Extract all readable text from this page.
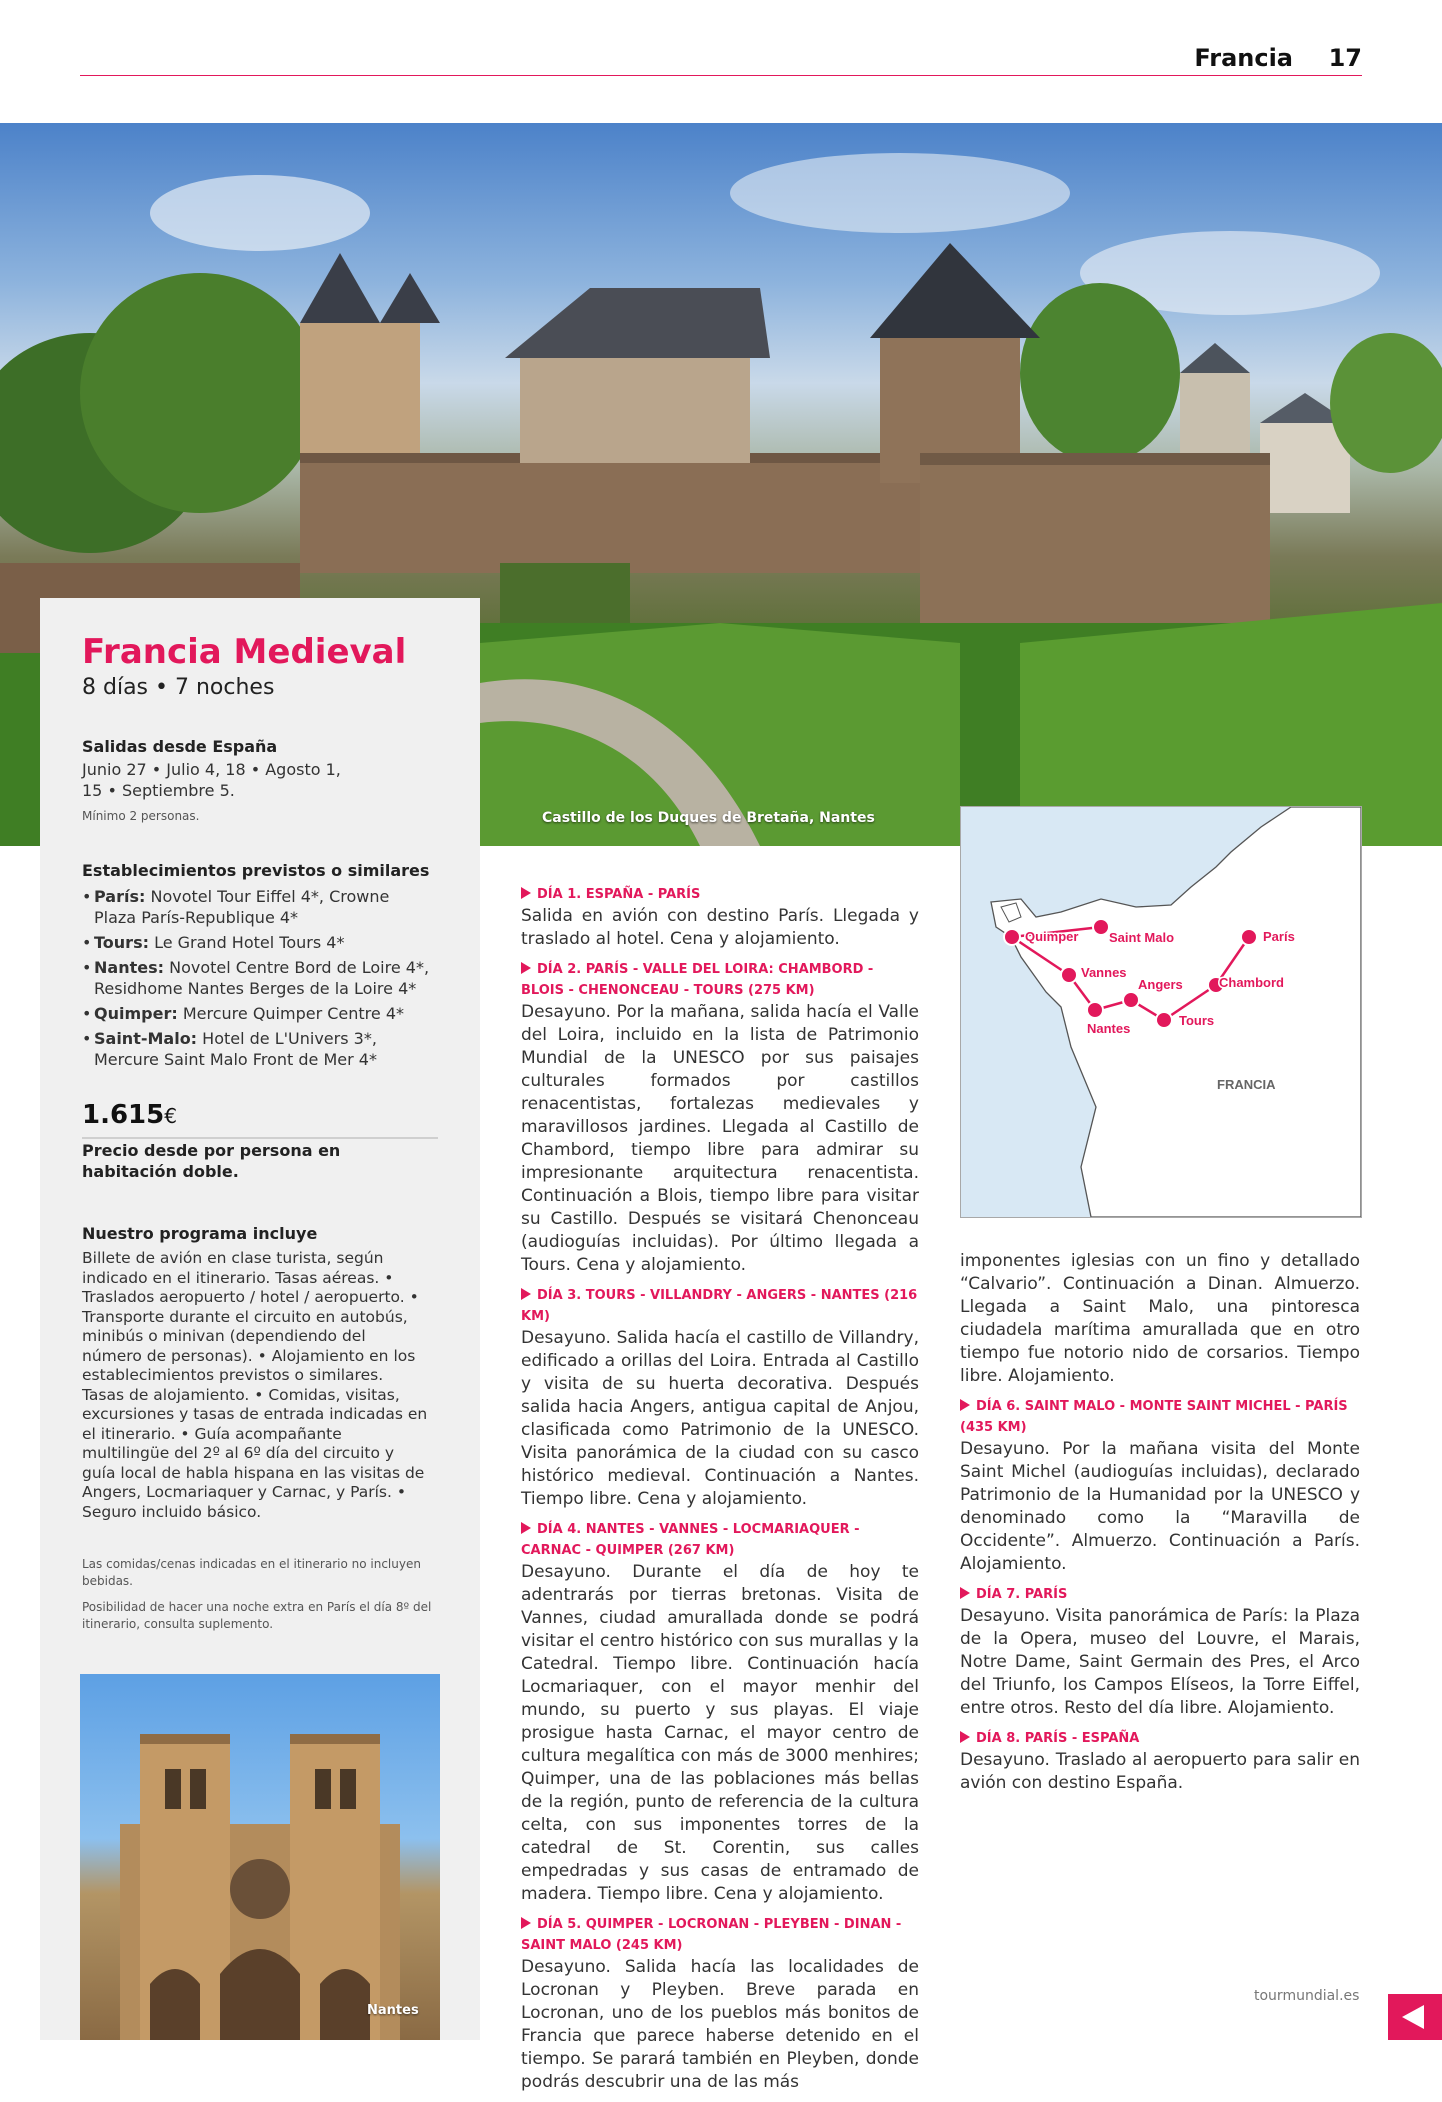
Francia	17
Castillo de los Duques de Bretaña, Nantes
Francia Medieval
8 días • 7 noches
Salidas desde España
Junio 27 • Julio 4, 18 • Agosto 1, 15 • Septiembre 5.
Mínimo 2 personas.
Establecimientos previstos o similares
• París: Novotel Tour Eiffel 4*, Crowne Plaza París-Republique 4*
• Tours: Le Grand Hotel Tours 4*
• Nantes: Novotel Centre Bord de Loire 4*, Residhome Nantes Berges de la Loire 4*
• Quimper: Mercure Quimper Centre 4*
• Saint-Malo: Hotel de L'Univers 3*, Mercure Saint Malo Front de Mer 4*
1.615€
Precio desde por persona en habitación doble.
Nuestro programa incluye
Billete de avión en clase turista, según indicado en el itinerario. Tasas aéreas. • Traslados aeropuerto / hotel / aeropuerto. • Transporte durante el circuito en autobús, minibús o minivan (dependiendo del número de personas). • Alojamiento en los establecimientos previstos o similares. Tasas de alojamiento. • Comidas, visitas, excursiones y tasas de entrada indicadas en el itinerario. • Guía acompañante multilingüe del 2º al 6º día del circuito y guía local de habla hispana en las visitas de Angers, Locmariaquer y Carnac, y París. • Seguro incluido básico.
Las comidas/cenas indicadas en el itinerario no incluyen bebidas.
Posibilidad de hacer una noche extra en París el día 8º del itinerario, consulta suplemento.
Nantes

DÍA 1. ESPAÑA - PARÍS

Salida en avión con destino París. Llegada y traslado al hotel. Cena y alojamiento.

DÍA 2. PARÍS - VALLE DEL LOIRA: CHAMBORD - BLOIS - CHENONCEAU - TOURS (275 KM)

Desayuno. Por la mañana, salida hacía el Valle del Loira, incluido en la lista de Patrimonio Mundial de la UNESCO por sus paisajes culturales formados por castillos renacentistas, fortalezas medievales y maravillosos jardines. Llegada al Castillo de Chambord, tiempo libre para admirar su impresionante arquitectura renacentista. Continuación a Blois, tiempo libre para visitar su Castillo. Después se visitará Chenonceau (audioguías incluidas). Por último llegada a Tours. Cena y alojamiento.

DÍA 3. TOURS - VILLANDRY - ANGERS - NANTES (216 KM)

Desayuno. Salida hacía el castillo de Villandry, edificado a orillas del Loira. Entrada al Castillo y visita de su huerta decorativa. Después salida hacia Angers, antigua capital de Anjou, clasificada como Patrimonio de la UNESCO. Visita panorámica de la ciudad con su casco histórico medieval. Continuación a Nantes. Tiempo libre. Cena y alojamiento.

DÍA 4. NANTES - VANNES - LOCMARIAQUER - CARNAC - QUIMPER (267 KM)

Desayuno. Durante el día de hoy te adentrarás por tierras bretonas. Visita de Vannes, ciudad amurallada donde se podrá visitar el centro histórico con sus murallas y la Catedral. Tiempo libre. Continuación hacía Locmariaquer, con el mayor menhir del mundo, su puerto y sus playas. El viaje prosigue hasta Carnac, el mayor centro de cultura megalítica con más de 3000 menhires; Quimper, una de las poblaciones más bellas de la región, punto de referencia de la cultura celta, con sus imponentes torres de la catedral de St. Corentin, sus calles empedradas y sus casas de entramado de madera. Tiempo libre. Cena y alojamiento.

DÍA 5. QUIMPER - LOCRONAN - PLEYBEN - DINAN - SAINT MALO (245 KM)

Desayuno. Salida hacía las localidades de Locronan y Pleyben. Breve parada en Locronan, uno de los pueblos más bonitos de Francia que parece haberse detenido en el tiempo. Se parará también en Pleyben, donde podrás descubrir una de las más

Quimper Saint Malo	París
Vannes
Angers	Chambord
Nantes
Tours
FRANCIA

imponentes iglesias con un fino y detallado “Calvario”. Continuación a Dinan. Almuerzo. Llegada a Saint Malo, una pintoresca ciudadela marítima amurallada que en otro tiempo fue notorio nido de corsarios. Tiempo libre. Alojamiento.

DÍA 6. SAINT MALO - MONTE SAINT MICHEL - PARÍS (435 KM)

Desayuno. Por la mañana visita del Monte Saint Michel (audioguías incluidas), declarado Patrimonio de la Humanidad por la UNESCO y denominado como la “Maravilla de Occidente”. Almuerzo. Continuación a París. Alojamiento.

DÍA 7. PARÍS

Desayuno. Visita panorámica de París: la Plaza de la Opera, museo del Louvre, el Marais, Notre Dame, Saint Germain des Pres, el Arco del Triunfo, los Campos Elíseos, la Torre Eiffel, entre otros. Resto del día libre. Alojamiento.

DÍA 8. PARÍS - ESPAÑA

Desayuno. Traslado al aeropuerto para salir en avión con destino España.

tourmundial.es
